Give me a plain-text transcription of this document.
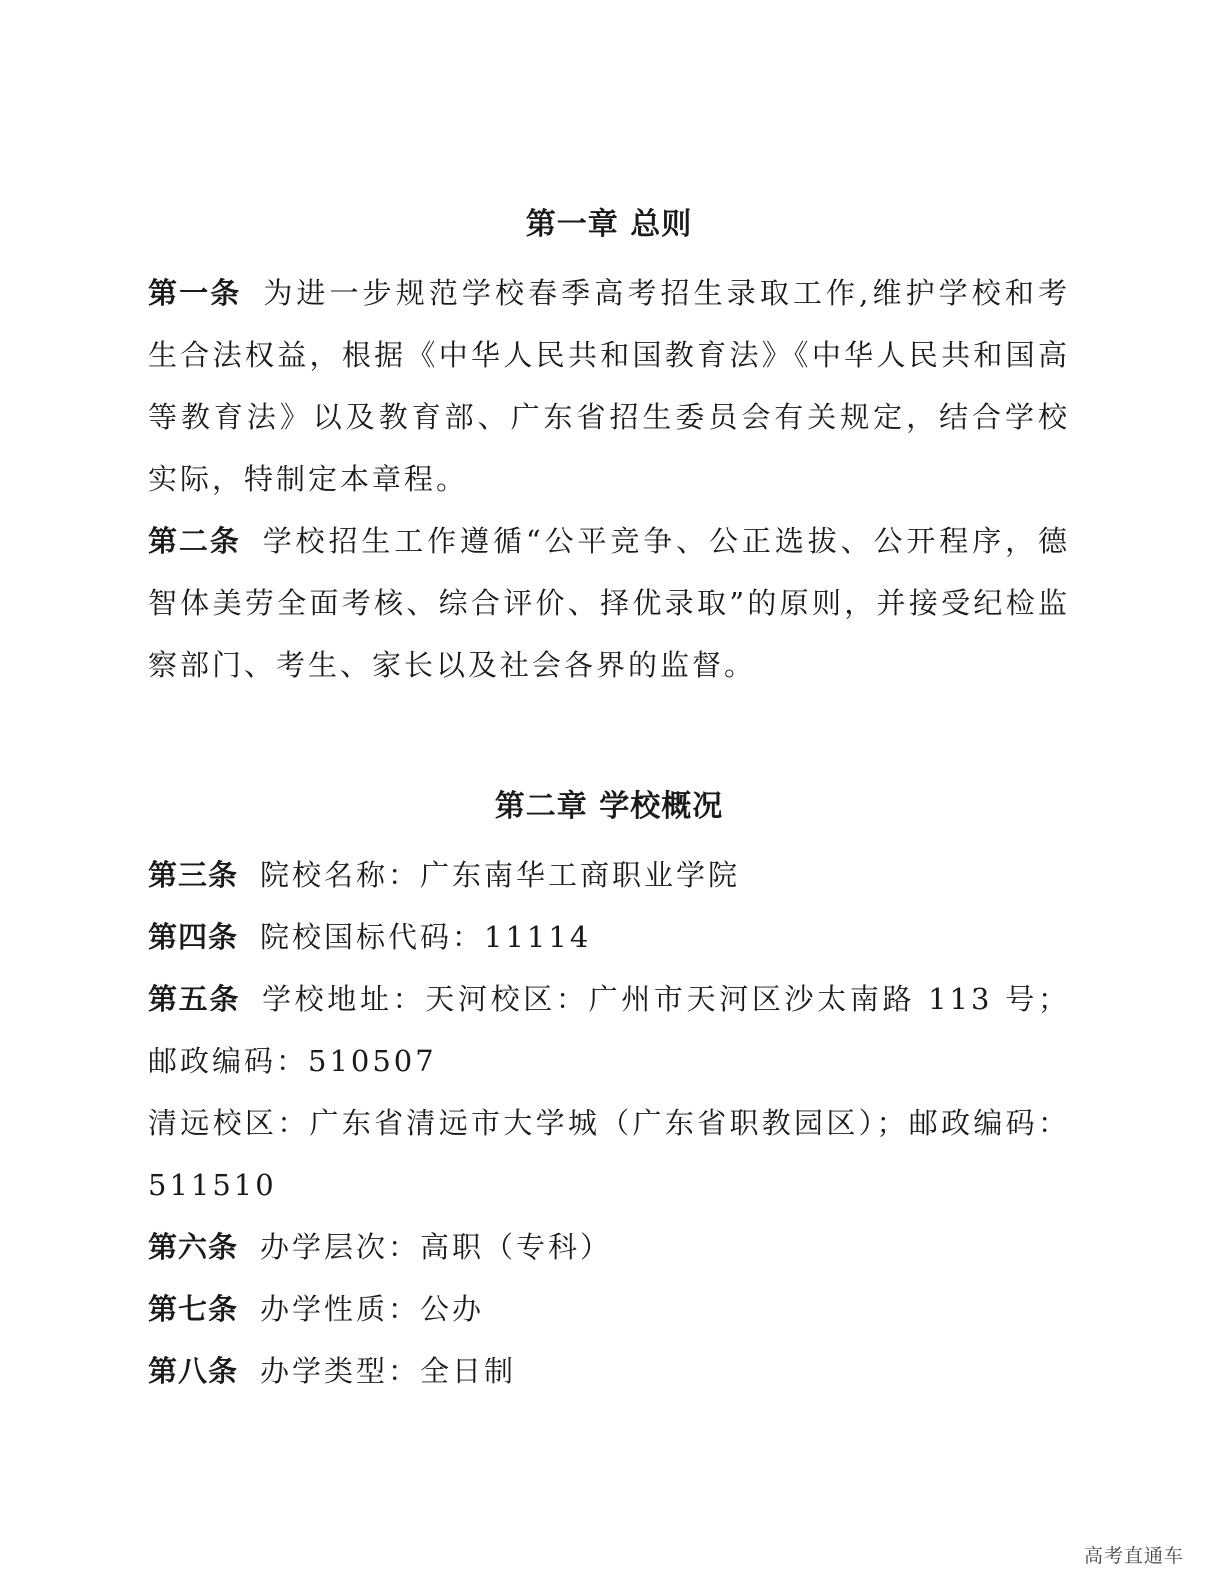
第一章 总则

第一条 为进一步规范学校春季高考招生录取工作,维护学校和考生合法权益，根据《中华人民共和国教育法》《中华人民共和国高等教育法》以及教育部、广东省招生委员会有关规定，结合学校实际，特制定本章程。

第二条 学校招生工作遵循“公平竞争、公正选拔、公开程序，德智体美劳全面考核、综合评价、择优录取”的原则，并接受纪检监察部门、考生、家长以及社会各界的监督。

第二章 学校概况

第三条 院校名称：广东南华工商职业学院

第四条 院校国标代码：11114

第五条 学校地址：天河校区：广州市天河区沙太南路 113 号；邮政编码：510507

清远校区：广东省清远市大学城（广东省职教园区）；邮政编码：511510

第六条 办学层次：高职（专科）

第七条 办学性质：公办

第八条 办学类型：全日制

高考直通车
